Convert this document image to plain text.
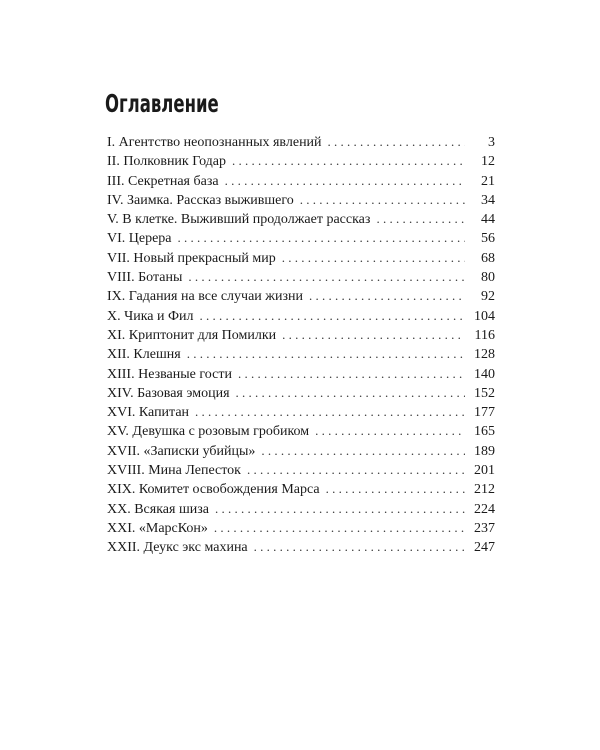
Оглавление
I. Агентство неопознанных явлений . . .	3
II. Полковник Годар . . .	12
III. Секретная база . . .	21
IV. Заимка. Рассказ выжившего . . .	34
V. В клетке. Выживший продолжает рассказ . . .	44
VI. Церера . . .	56
VII. Новый прекрасный мир . . .	68
VIII. Ботаны . . .	80
IX. Гадания на все случаи жизни . . .	92
X. Чика и Фил . . .	104
XI. Криптонит для Помилки . . .	116
XII. Клешня . . .	128
XIII. Незваные гости . . .	140
XIV. Базовая эмоция . . .	152
XVI. Капитан . . .	177
XV. Девушка с розовым гробиком . . .	165
XVII. «Записки убийцы» . . .	189
XVIII. Мина Лепесток . . .	201
XIX. Комитет освобождения Марса . . .	212
XX. Всякая шиза . . .	224
XXI. «МарсКон» . . .	237
XXII. Деукс экс махина . . .	247
